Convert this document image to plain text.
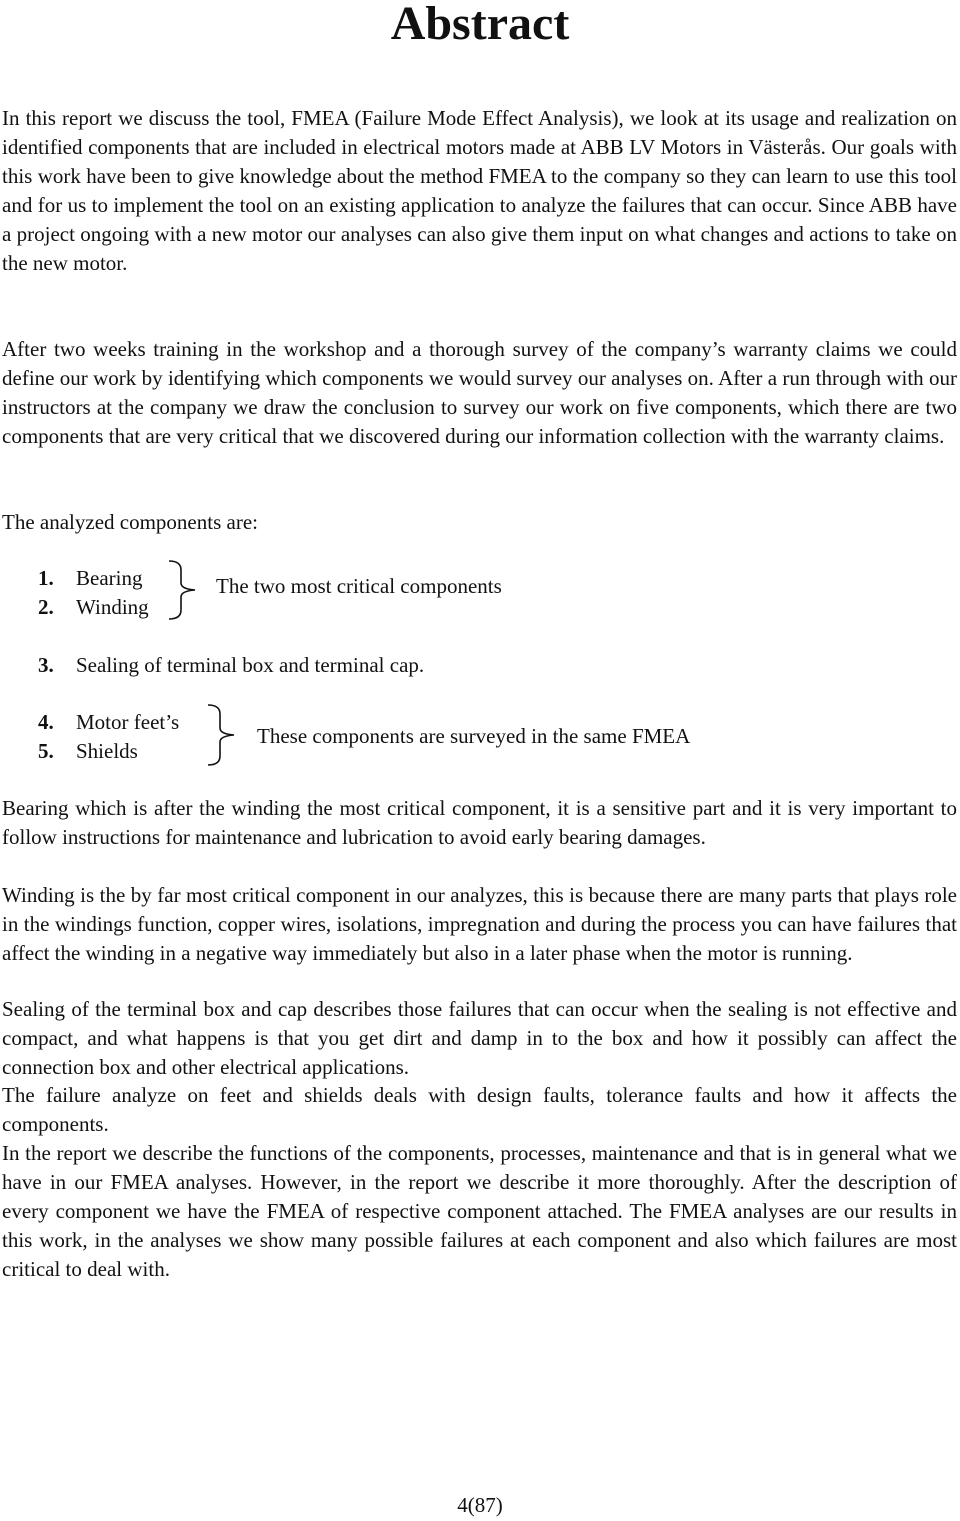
Abstract

In this report we discuss the tool, FMEA (Failure Mode Effect Analysis), we look at its usage and realization on identified components that are included in electrical motors made at ABB LV Motors in Västerås. Our goals with this work have been to give knowledge about the method FMEA to the company so they can learn to use this tool and for us to implement the tool on an existing application to analyze the failures that can occur. Since ABB have a project ongoing with a new motor our analyses can also give them input on what changes and actions to take on the new motor.

After two weeks training in the workshop and a thorough survey of the company’s warranty claims we could define our work by identifying which components we would survey our analyses on. After a run through with our instructors at the company we draw the conclusion to survey our work on five components, which there are two components that are very critical that we discovered during our information collection with the warranty claims.

The analyzed components are:

1. Bearing
2. Winding
The two most critical components
3. Sealing of terminal box and terminal cap.
4. Motor feet’s
5. Shields
These components are surveyed in the same FMEA

Bearing which is after the winding the most critical component, it is a sensitive part and it is very important to follow instructions for maintenance and lubrication to avoid early bearing damages.

Winding is the by far most critical component in our analyzes, this is because there are many parts that plays role in the windings function, copper wires, isolations, impregnation and during the process you can have failures that affect the winding in a negative way immediately but also in a later phase when the motor is running.

Sealing of the terminal box and cap describes those failures that can occur when the sealing is not effective and compact, and what happens is that you get dirt and damp in to the box and how it possibly can affect the connection box and other electrical applications.

The failure analyze on feet and shields deals with design faults, tolerance faults and how it affects the components.

In the report we describe the functions of the components, processes, maintenance and that is in general what we have in our FMEA analyses. However, in the report we describe it more thoroughly. After the description of every component we have the FMEA of respective component attached. The FMEA analyses are our results in this work, in the analyses we show many possible failures at each component and also which failures are most critical to deal with.

4(87)
